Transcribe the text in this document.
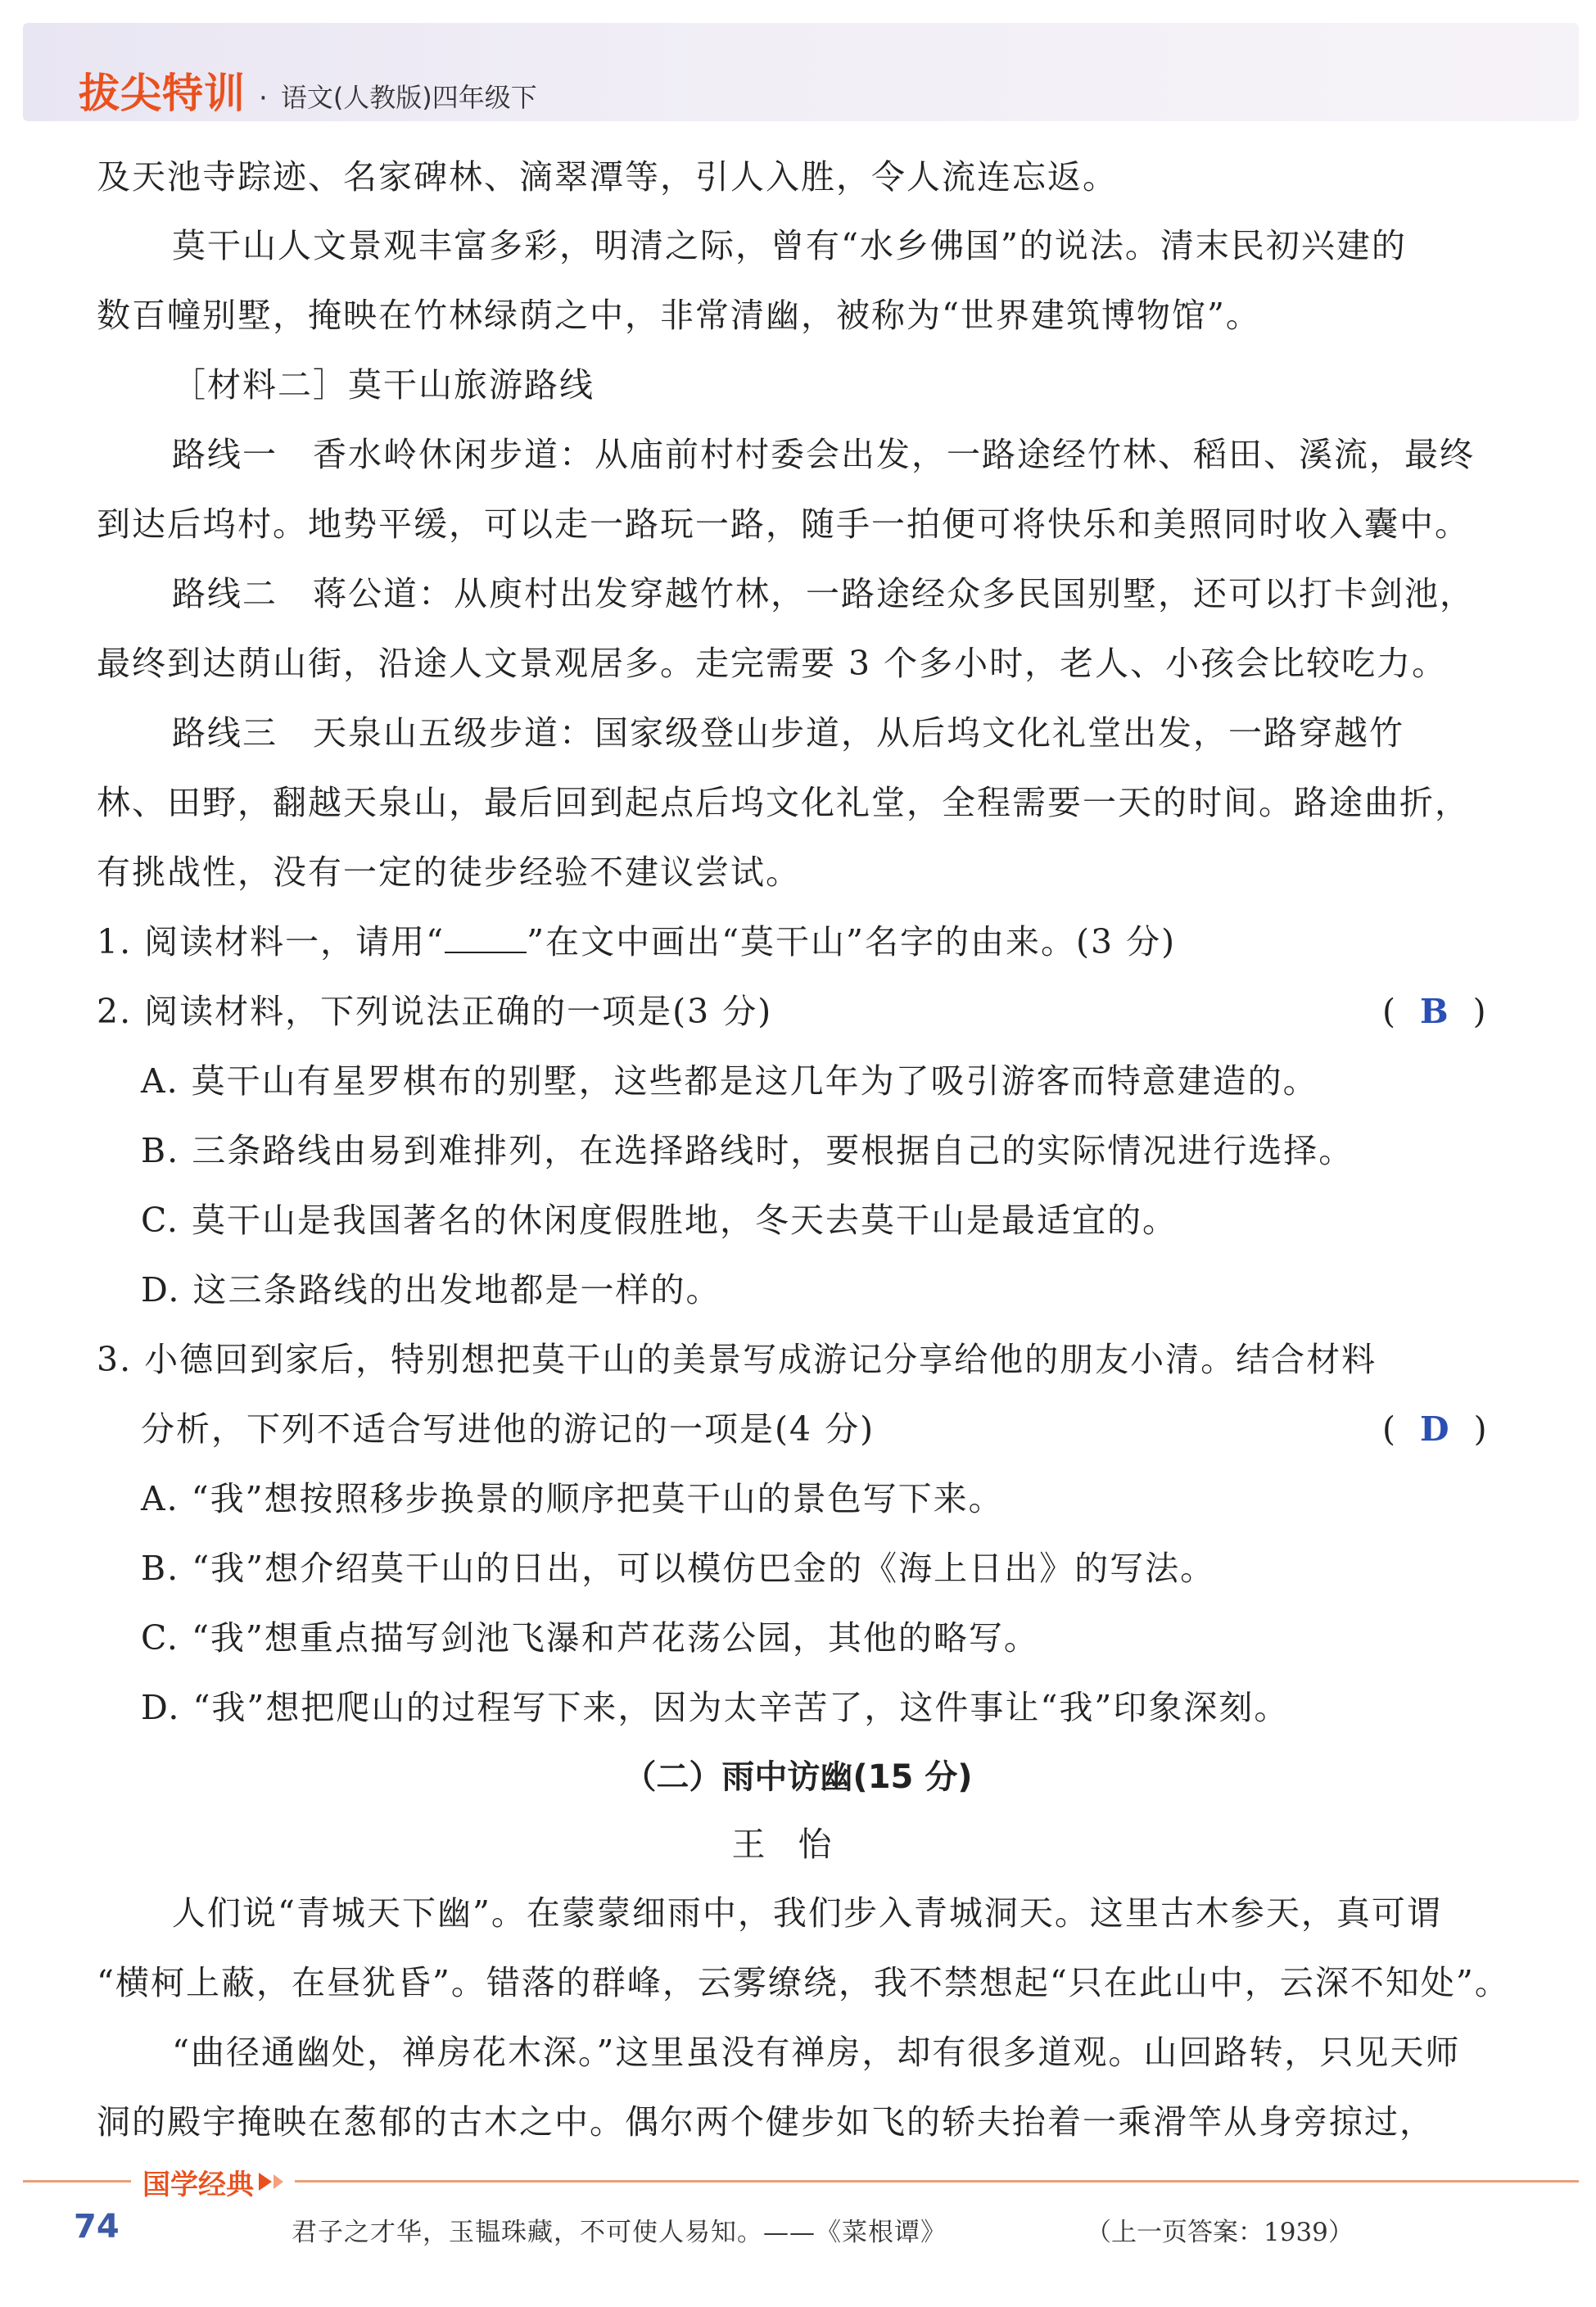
拔尖特训 · 语文(人教版)四年级下
及天池寺踪迹、名家碑林、滴翠潭等，引人入胜，令人流连忘返。
莫干山人文景观丰富多彩，明清之际，曾有“水乡佛国”的说法。清末民初兴建的
数百幢别墅，掩映在竹林绿荫之中，非常清幽，被称为“世界建筑博物馆”。
［材料二］莫干山旅游路线
路线一　香水岭休闲步道：从庙前村村委会出发，一路途经竹林、稻田、溪流，最终
到达后坞村。地势平缓，可以走一路玩一路，随手一拍便可将快乐和美照同时收入囊中。
路线二　蒋公道：从庾村出发穿越竹林，一路途经众多民国别墅，还可以打卡剑池，
最终到达荫山街，沿途人文景观居多。走完需要 3 个多小时，老人、小孩会比较吃力。
路线三　天泉山五级步道：国家级登山步道，从后坞文化礼堂出发，一路穿越竹
林、田野，翻越天泉山，最后回到起点后坞文化礼堂，全程需要一天的时间。路途曲折，
有挑战性，没有一定的徒步经验不建议尝试。
1. 阅读材料一，请用“ ”在文中画出“莫干山”名字的由来。(3 分)
2. 阅读材料，下列说法正确的一项是(3 分)	( B )
A. 莫干山有星罗棋布的别墅，这些都是这几年为了吸引游客而特意建造的。
B. 三条路线由易到难排列，在选择路线时，要根据自己的实际情况进行选择。
C. 莫干山是我国著名的休闲度假胜地，冬天去莫干山是最适宜的。
D. 这三条路线的出发地都是一样的。
3. 小德回到家后，特别想把莫干山的美景写成游记分享给他的朋友小清。结合材料
分析，下列不适合写进他的游记的一项是(4 分)	( D )
A. “我”想按照移步换景的顺序把莫干山的景色写下来。
B. “我”想介绍莫干山的日出，可以模仿巴金的《海上日出》的写法。
C. “我”想重点描写剑池飞瀑和芦花荡公园，其他的略写。
D. “我”想把爬山的过程写下来，因为太辛苦了，这件事让“我”印象深刻。
（二）雨中访幽(15 分)
王怡
人们说“青城天下幽”。在蒙蒙细雨中，我们步入青城洞天。这里古木参天，真可谓
“横柯上蔽，在昼犹昏”。错落的群峰，云雾缭绕，我不禁想起“只在此山中，云深不知处”。
“曲径通幽处，禅房花木深。”这里虽没有禅房，却有很多道观。山回路转，只见天师
洞的殿宇掩映在葱郁的古木之中。偶尔两个健步如飞的轿夫抬着一乘滑竿从身旁掠过，
国学经典
74	君子之才华，玉韫珠藏，不可使人易知。——《菜根谭》	（上一页答案：1939）
